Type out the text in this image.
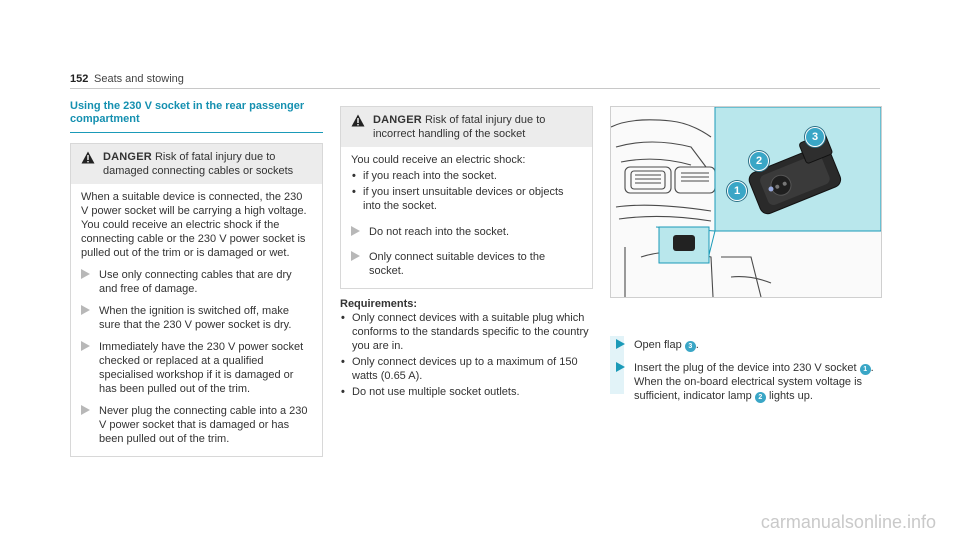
152 Seats and stowing
Using the 230 V socket in the rear passenger compartment
DANGER Risk of fatal injury due to damaged connecting cables or sockets

When a suitable device is connected, the 230 V power socket will be carrying a high voltage. You could receive an electric shock if the connecting cable or the 230 V power socket is pulled out of the trim or is damaged or wet.

Use only connecting cables that are dry and free of damage.
When the ignition is switched off, make sure that the 230 V power socket is dry.
Immediately have the 230 V power socket checked or replaced at a qualified specialised workshop if it is damaged or has been pulled out of the trim.
Never plug the connecting cable into a 230 V power socket that is damaged or has been pulled out of the trim.
DANGER Risk of fatal injury due to incorrect handling of the socket

You could receive an electric shock:

• if you reach into the socket.
• if you insert unsuitable devices or objects into the socket.
Do not reach into the socket.
Only connect suitable devices to the socket.
Requirements:
• Only connect devices with a suitable plug which conforms to the standards specific to the country you are in.
• Only connect devices up to a maximum of 150 watts (0.65 A).
• Do not use multiple socket outlets.
2
3
1
Open flap 3 .
Insert the plug of the device into 230 V socket 1 .
When the on-board electrical system voltage is sufficient, indicator lamp 2 lights up.
carmanualsonline.info
